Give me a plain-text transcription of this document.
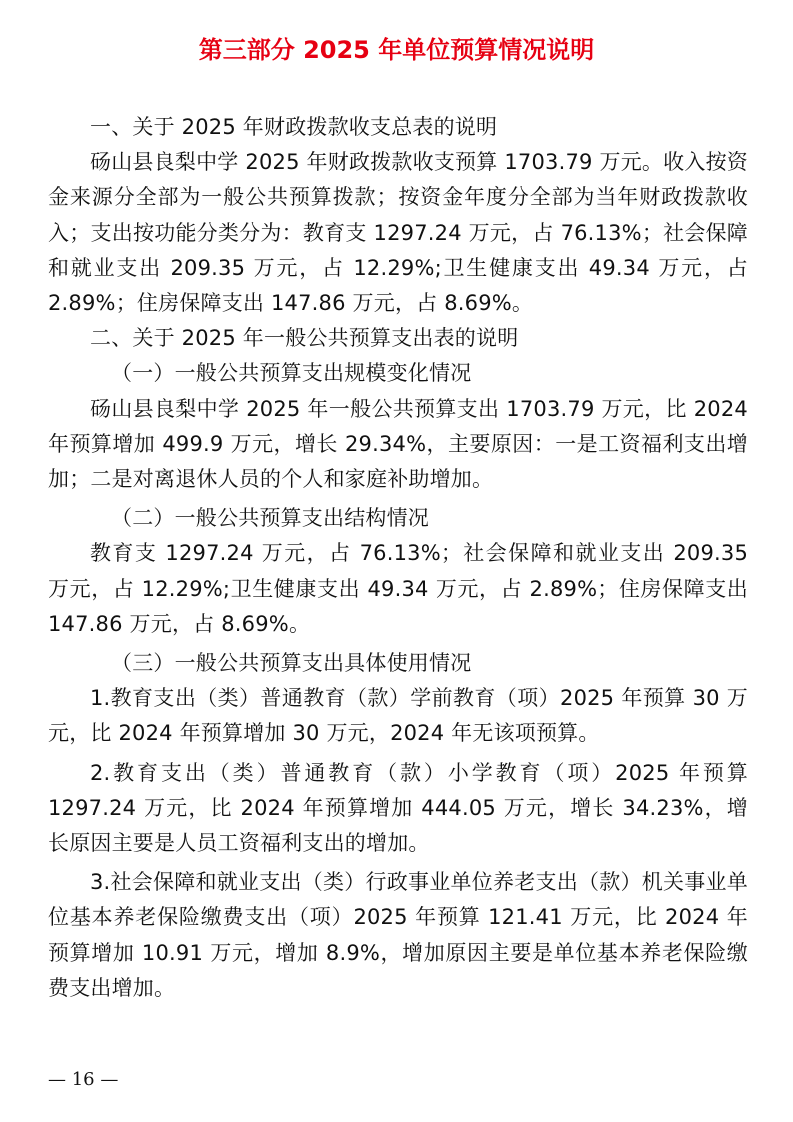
第三部分 2025 年单位预算情况说明

一、关于 2025 年财政拨款收支总表的说明

砀山县良梨中学 2025 年财政拨款收支预算 1703.79 万元。收入按资金来源分全部为一般公共预算拨款；按资金年度分全部为当年财政拨款收入；支出按功能分类分为：教育支 1297.24 万元，占 76.13%；社会保障和就业支出 209.35 万元，占 12.29%;卫生健康支出 49.34 万元，占 2.89%；住房保障支出 147.86 万元，占 8.69%。

二、关于 2025 年一般公共预算支出表的说明

（一）一般公共预算支出规模变化情况

砀山县良梨中学 2025 年一般公共预算支出 1703.79 万元，比 2024 年预算增加 499.9 万元，增长 29.34%，主要原因：一是工资福利支出增加；二是对离退休人员的个人和家庭补助增加。

（二）一般公共预算支出结构情况

教育支 1297.24 万元，占 76.13%；社会保障和就业支出 209.35 万元，占 12.29%;卫生健康支出 49.34 万元，占 2.89%；住房保障支出 147.86 万元，占 8.69%。

（三）一般公共预算支出具体使用情况

1.教育支出（类）普通教育（款）学前教育（项）2025 年预算 30 万元，比 2024 年预算增加 30 万元，2024 年无该项预算。

2.教育支出（类）普通教育（款）小学教育（项）2025 年预算 1297.24 万元，比 2024 年预算增加 444.05 万元，增长 34.23%，增长原因主要是人员工资福利支出的增加。

3.社会保障和就业支出（类）行政事业单位养老支出（款）机关事业单位基本养老保险缴费支出（项）2025 年预算 121.41 万元，比 2024 年预算增加 10.91 万元，增加 8.9%，增加原因主要是单位基本养老保险缴费支出增加。

— 16 —
